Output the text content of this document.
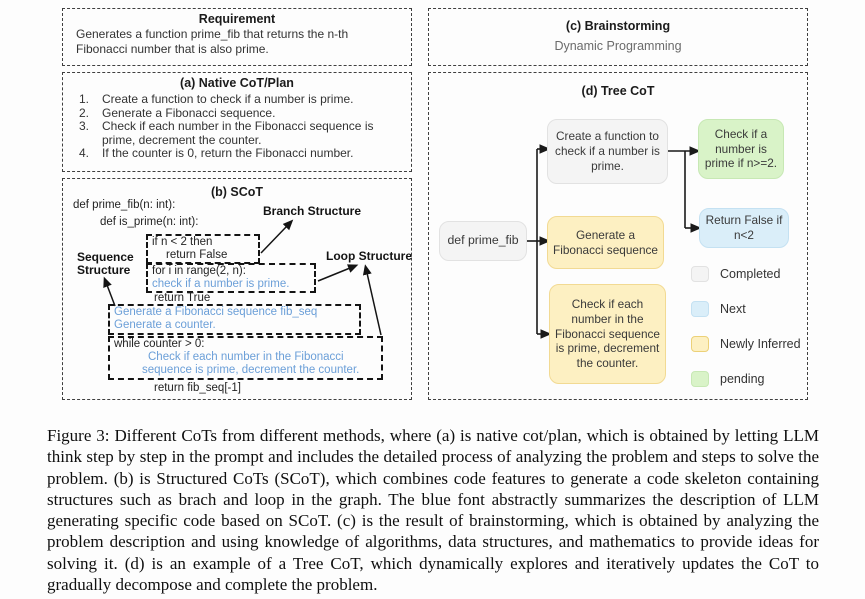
Requirement
Generates a function prime_fib that returns the n-th Fibonacci number that is also prime.
(a) Native CoT/Plan
1.	Create a function to check if a number is prime.
2.	Generate a Fibonacci sequence.
3.	Check if each number in the Fibonacci sequence is prime, decrement the counter.
4.	If the counter is 0, return the Fibonacci number.
(b) SCoT
def prime_fib(n: int):
def is_prime(n: int):
Branch Structure
Sequence Structure
Loop Structure
if n < 2 then
return False
for i in range(2, n):
check if a number is prime.
return True
Generate a Fibonacci sequence fib_seq
Generate a counter.
while counter > 0:
Check if each number in the Fibonacci
sequence is prime, decrement the counter.
return fib_seq[-1]
(c) Brainstorming
Dynamic Programming
(d) Tree CoT
def prime_fib
Create a function to check if a number is prime.
Check if a number is prime if n>=2.
Generate a Fibonacci sequence
Return False if n<2
Check if each number in the Fibonacci sequence is prime, decrement the counter.
Completed
Next
Newly Inferred
pending
Figure 3: Different CoTs from different methods, where (a) is native cot/plan, which is obtained by letting LLM think step by step in the prompt and includes the detailed process of analyzing the problem and steps to solve the problem. (b) is Structured CoTs (SCoT), which combines code features to generate a code skeleton containing structures such as brach and loop in the graph. The blue font abstractly summarizes the description of LLM generating specific code based on SCoT. (c) is the result of brainstorming, which is obtained by analyzing the problem description and using knowledge of algorithms, data structures, and mathematics to provide ideas for solving it. (d) is an example of a Tree CoT, which dynamically explores and iteratively updates the CoT to gradually decompose and complete the problem.
